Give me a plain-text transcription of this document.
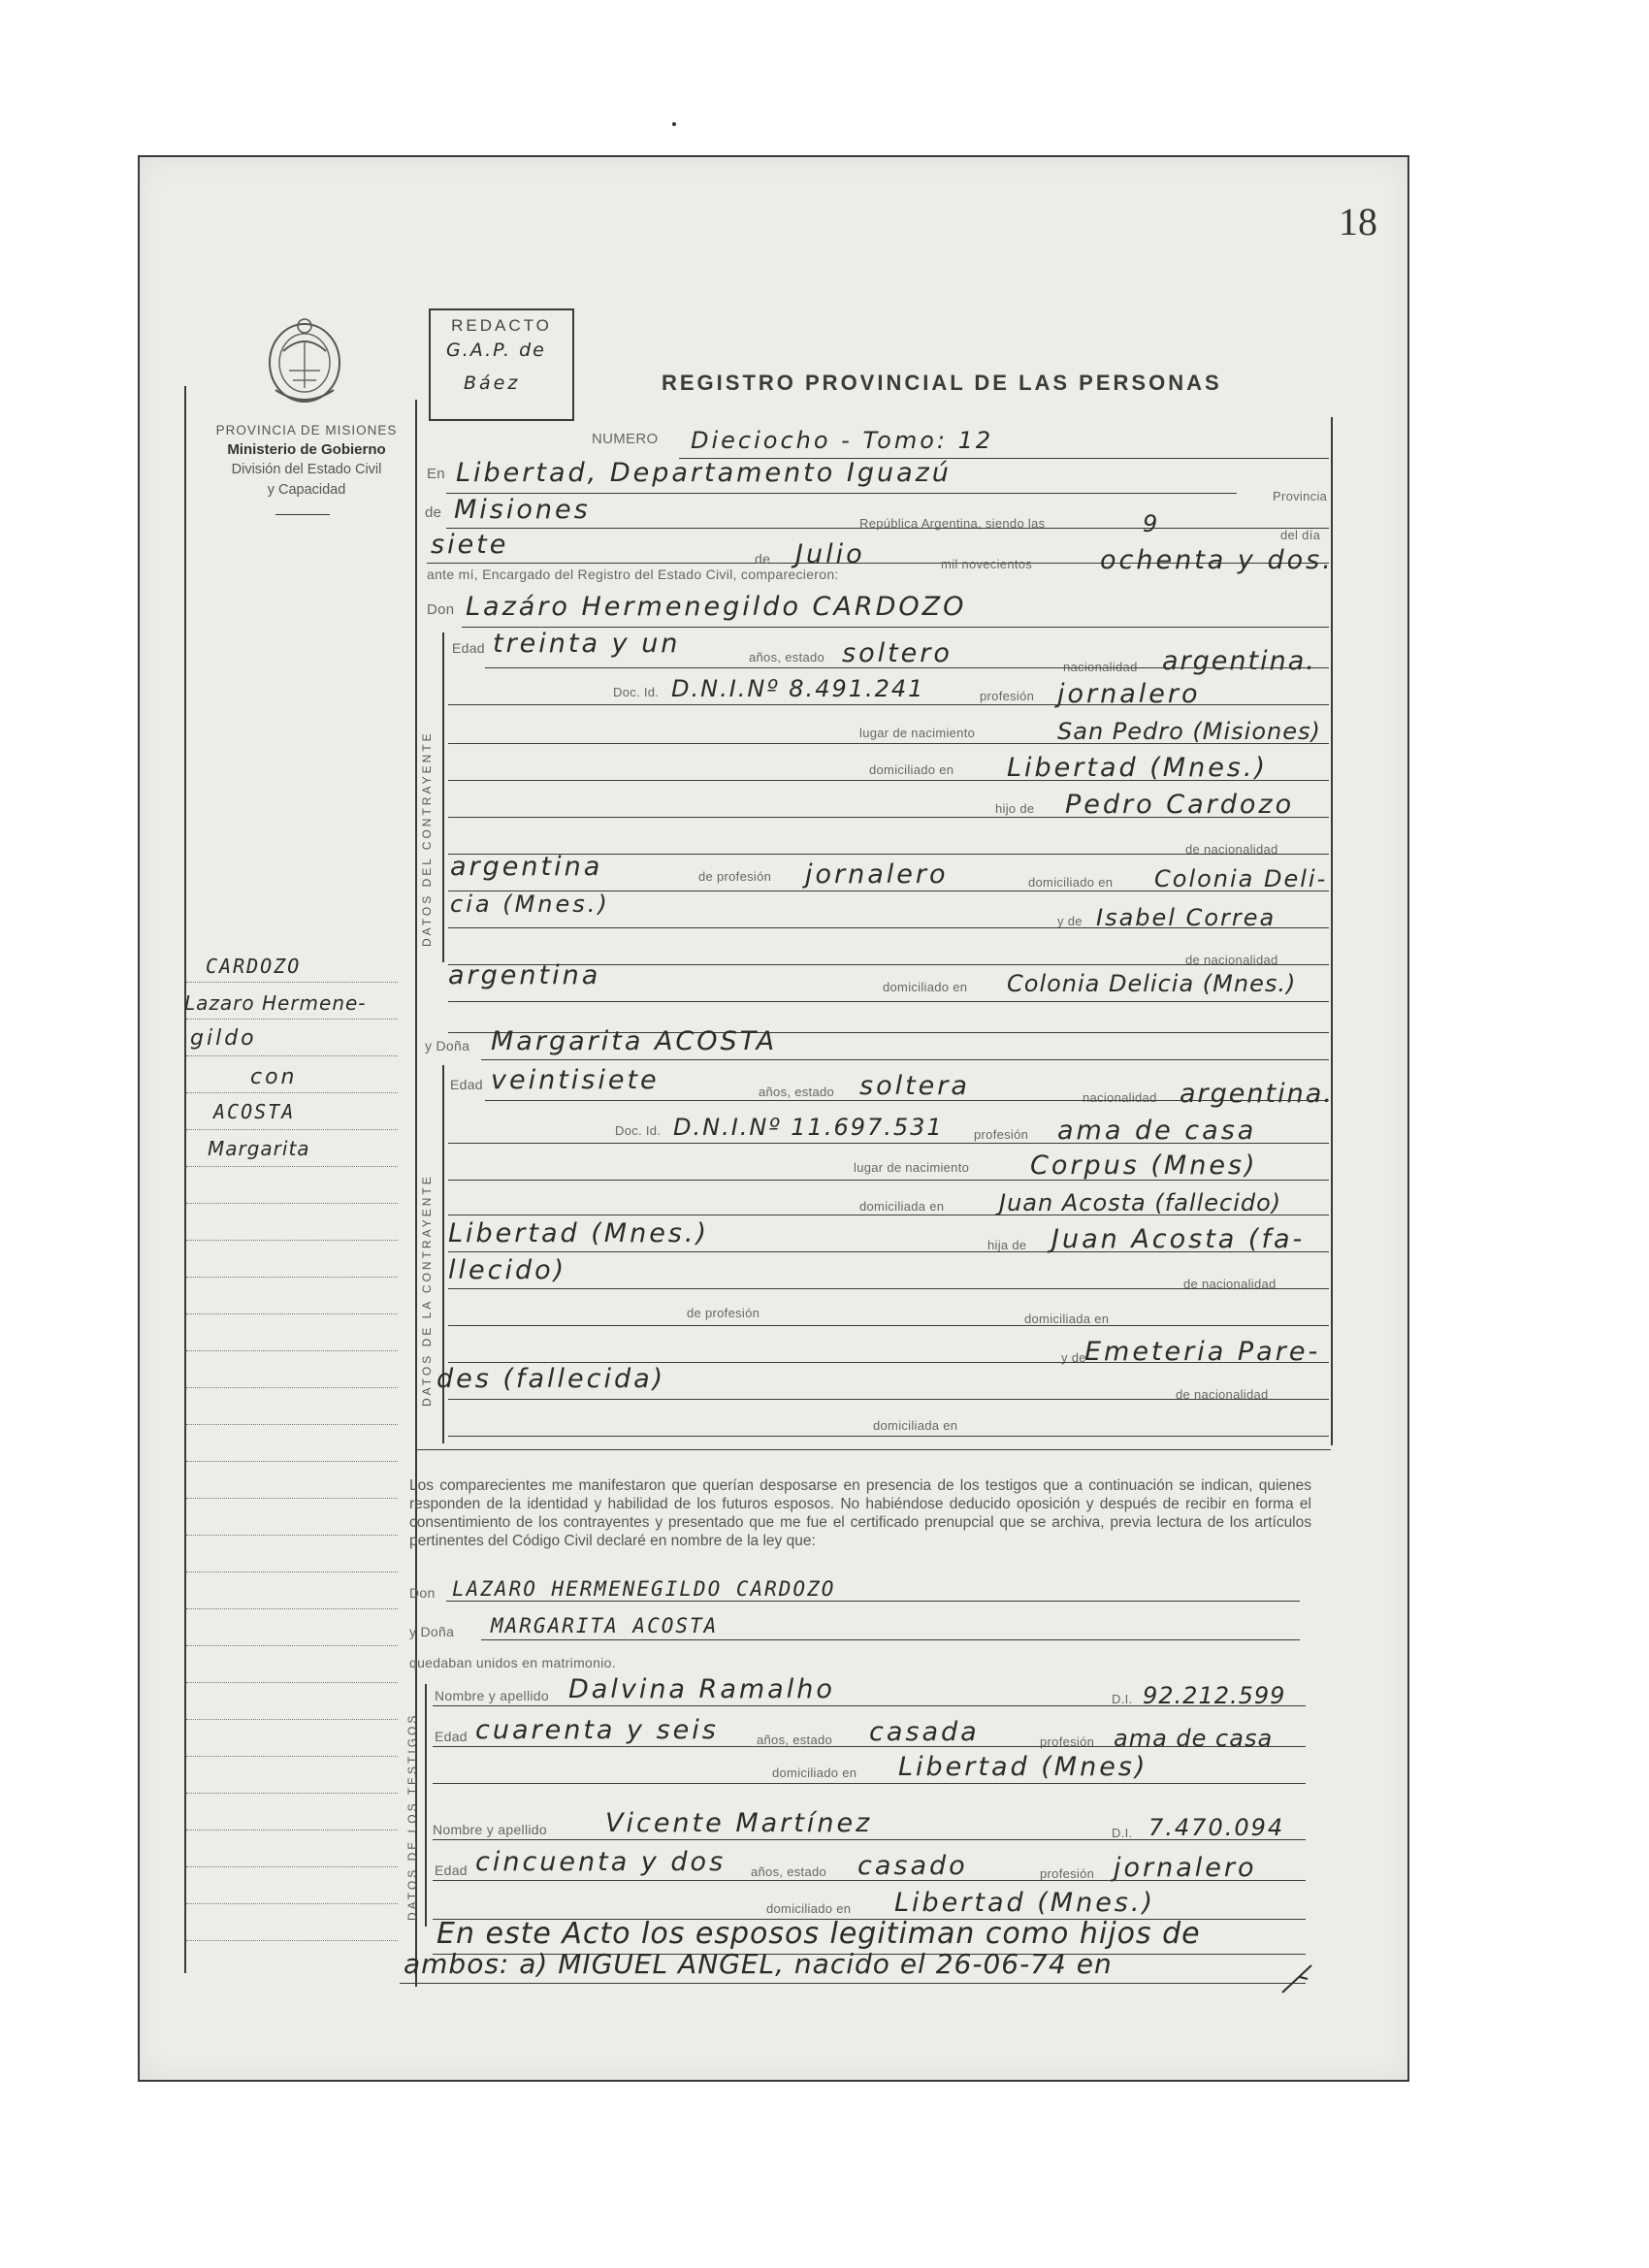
18
PROVINCIA DE MISIONES
Ministerio de Gobierno
División del Estado Civil
y Capacidad
REDACTO
G.A.P. de
Báez	REGISTRO PROVINCIAL DE LAS PERSONAS
CARDOZO
Lazaro Hermene-
gildo
con
ACOSTA
Margarita
NUMERO Dieciocho - Tomo: 12
En Libertad, Departamento Iguazú
Provincia
de Misiones	República Argentina, siendo las	9	del día
siete	de Julio	mil novecientos	ochenta y dos.
ante mí, Encargado del Registro del Estado Civil, comparecieron:
Don Lazáro Hermenegildo CARDOZO
DATOS DEL CONTRAYENTE
Edad treinta y un	años, estado soltero	nacionalidad argentina.
Doc. Id. D.N.I.Nº 8.491.241	profesión jornalero
lugar de nacimiento	San Pedro (Misiones)
domiciliado en Libertad (Mnes.)
hijo de Pedro Cardozo
de nacionalidad
argentina	de profesión jornalero	domiciliado en Colonia Deli-
cia (Mnes.)
y de Isabel Correa
de nacionalidad
argentina	domiciliado en Colonia Delicia (Mnes.)
y Doña Margarita ACOSTA
DATOS DE LA CONTRAYENTE
Edad veintisiete	años, estado soltera	nacionalidad argentina.
Doc. Id. D.N.I.Nº 11.697.531 profesión ama de casa
lugar de nacimiento Corpus (Mnes)
domiciliada en Juan Acosta (fallecido)
Libertad (Mnes.)	hija de Juan Acosta (fa-
llecido)	de nacionalidad
de profesión	domiciliada en
y de
Emeteria Pare-
des (fallecida)
de nacionalidad
domiciliada en
Los comparecientes me manifestaron que querían desposarse en presencia de los testigos que a continuación se indican, quienes responden de la identidad y habilidad de los futuros esposos. No habiéndose deducido oposición y después de recibir en forma el consentimiento de los contrayentes y presentado que me fue el certificado prenupcial que se archiva, previa lectura de los artículos pertinentes del Código Civil declaré en nombre de la ley que:
Don LAZARO HERMENEGILDO CARDOZO
y Doña MARGARITA ACOSTA
quedaban unidos en matrimonio.
DATOS DE LOS TESTIGOS
Nombre y apellido Dalvina Ramalho	D.I. 92.212.599
Edad cuarenta y seis	años, estado casada	profesión ama de casa
domiciliado en Libertad (Mnes)
Nombre y apellido Vicente Martínez	D.I. 7.470.094
Edad cincuenta y dos años, estado casado	profesión jornalero
domiciliado en Libertad (Mnes.)
En este Acto los esposos legitiman como hijos de
ambos: a) MIGUEL ANGEL, nacido el 26-06-74 en
